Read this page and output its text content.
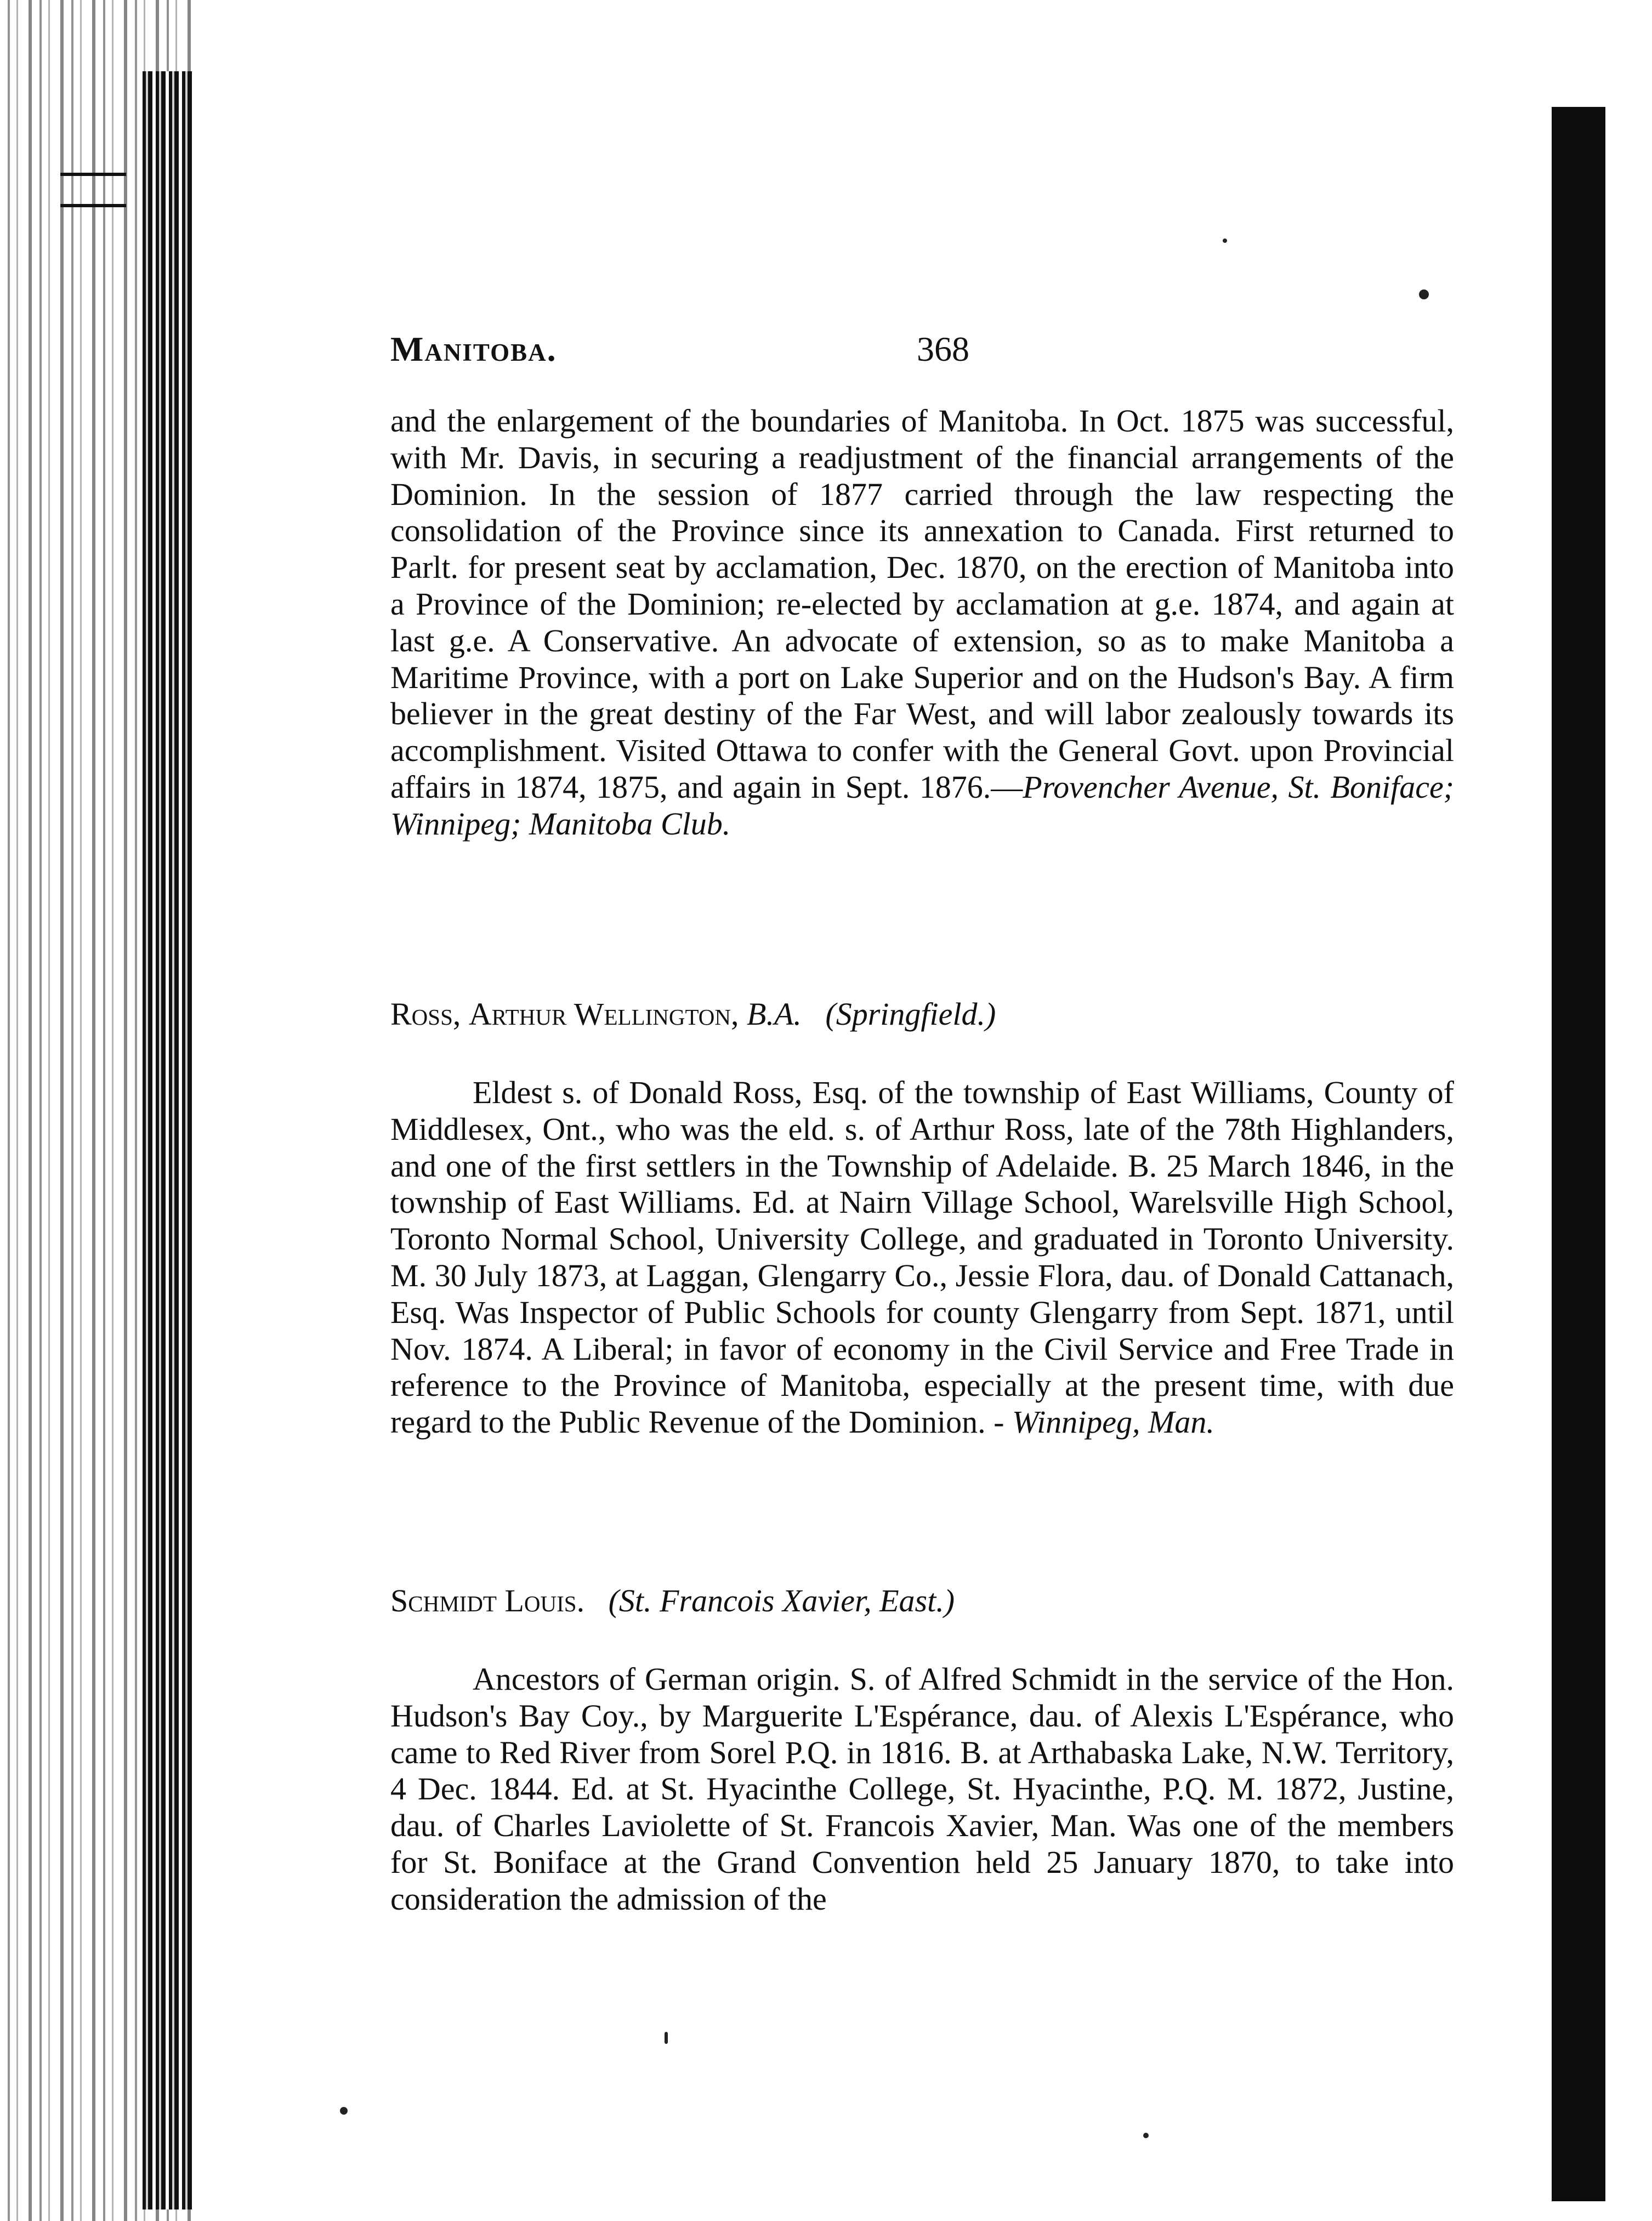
Manitoba.	368

and the enlargement of the boundaries of Manitoba. In Oct. 1875 was successful, with Mr. Davis, in securing a readjustment of the financial arrangements of the Dominion. In the session of 1877 carried through the law respecting the consolidation of the Province since its annexation to Canada. First returned to Parlt. for present seat by acclamation, Dec. 1870, on the erection of Manitoba into a Province of the Dominion; re-elected by acclamation at g.e. 1874, and again at last g.e. A Conservative. An advocate of extension, so as to make Manitoba a Maritime Province, with a port on Lake Superior and on the Hudson's Bay. A firm believer in the great destiny of the Far West, and will labor zealously towards its accomplishment. Visited Ottawa to confer with the General Govt. upon Provincial affairs in 1874, 1875, and again in Sept. 1876.—Provencher Avenue, St. Boniface; Winnipeg; Manitoba Club.

Ross, Arthur Wellington, B.A. (Springfield.)

Eldest s. of Donald Ross, Esq. of the township of East Williams, County of Middlesex, Ont., who was the eld. s. of Arthur Ross, late of the 78th Highlanders, and one of the first settlers in the Township of Adelaide. B. 25 March 1846, in the township of East Williams. Ed. at Nairn Village School, Warelsville High School, Toronto Normal School, University College, and graduated in Toronto University. M. 30 July 1873, at Laggan, Glengarry Co., Jessie Flora, dau. of Donald Cattanach, Esq. Was Inspector of Public Schools for county Glengarry from Sept. 1871, until Nov. 1874. A Liberal; in favor of economy in the Civil Service and Free Trade in reference to the Province of Manitoba, especially at the present time, with due regard to the Public Revenue of the Dominion. - Winnipeg, Man.

Schmidt Louis. (St. Francois Xavier, East.)

Ancestors of German origin. S. of Alfred Schmidt in the service of the Hon. Hudson's Bay Coy., by Marguerite L'Espérance, dau. of Alexis L'Espérance, who came to Red River from Sorel P.Q. in 1816. B. at Arthabaska Lake, N.W. Territory, 4 Dec. 1844. Ed. at St. Hyacinthe College, St. Hyacinthe, P.Q. M. 1872, Justine, dau. of Charles Laviolette of St. Francois Xavier, Man. Was one of the members for St. Boniface at the Grand Convention held 25 January 1870, to take into consideration the admission of the
